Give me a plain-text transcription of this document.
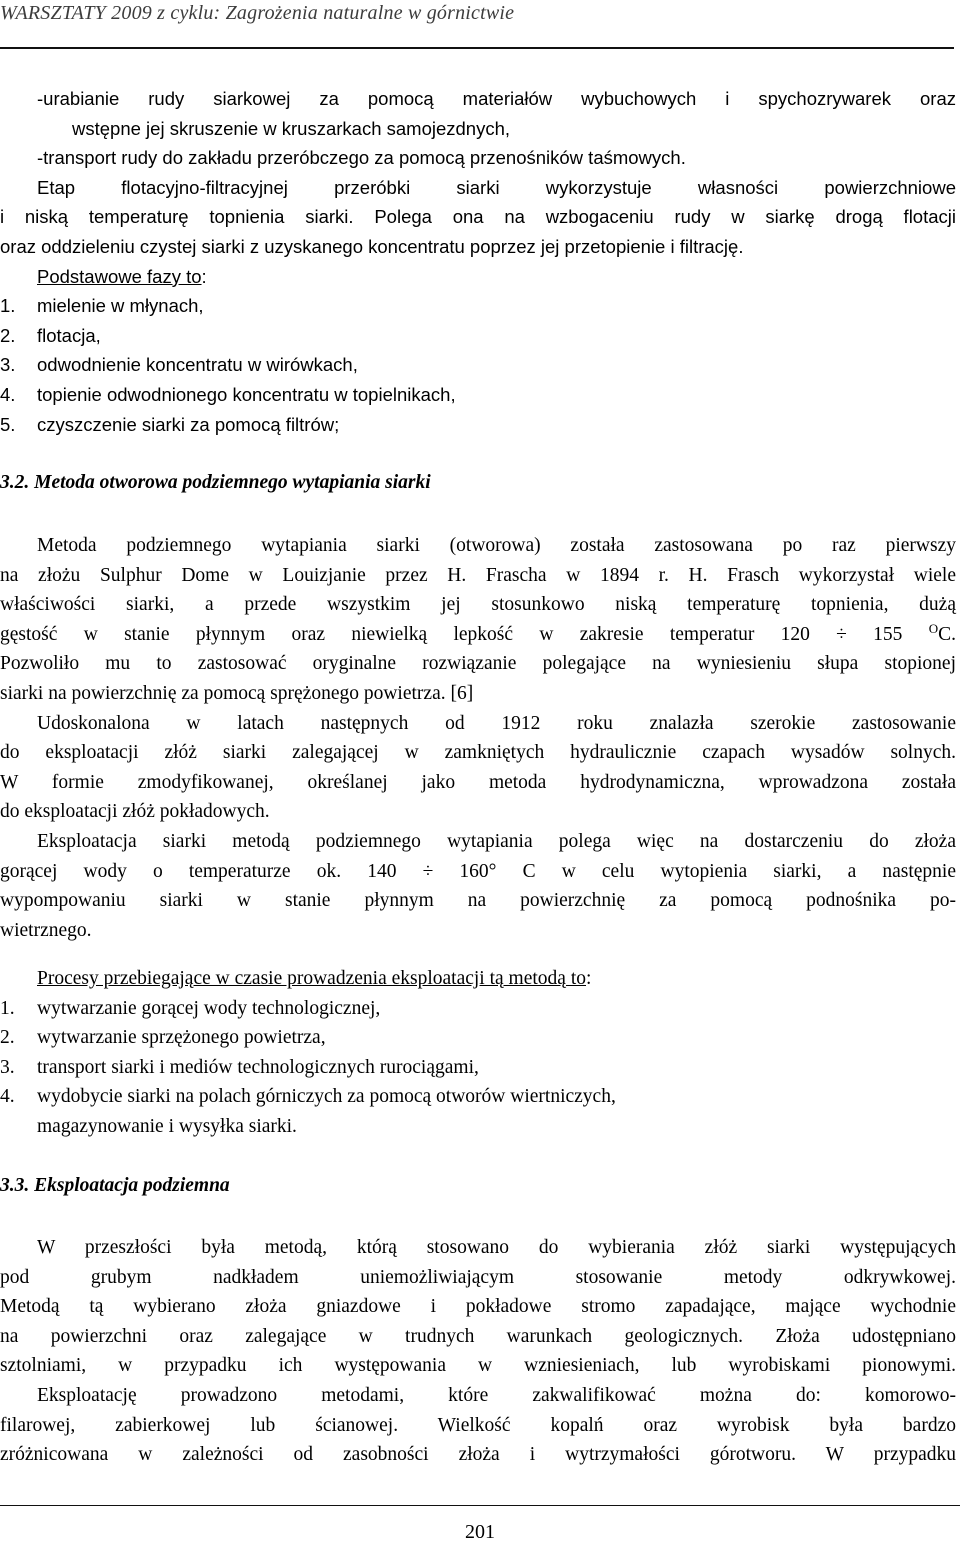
WARSZTATY 2009 z cyklu: Zagrożenia naturalne w górnictwie
-urabianie rudy siarkowej za pomocą materiałów wybuchowych i spychozrywarek oraz
wstępne jej skruszenie w kruszarkach samojezdnych,
-transport rudy do zakładu przeróbczego za pomocą przenośników taśmowych.
Etap flotacyjno-filtracyjnej przeróbki siarki wykorzystuje własności powierzchniowe
i niską temperaturę topnienia siarki. Polega ona na wzbogaceniu rudy w siarkę drogą flotacji
oraz oddzieleniu czystej siarki z uzyskanego koncentratu poprzez jej przetopienie i filtrację.
Podstawowe fazy to:
1. mielenie w młynach,
2. flotacja,
3. odwodnienie koncentratu w wirówkach,
4. topienie odwodnionego koncentratu w topielnikach,
5. czyszczenie siarki za pomocą filtrów;
3.2. Metoda otworowa podziemnego wytapiania siarki
Metoda podziemnego wytapiania siarki (otworowa) została zastosowana po raz pierwszy
na złożu Sulphur Dome w Louizjanie przez H. Frascha w 1894 r. H. Frasch wykorzystał wiele
właściwości siarki, a przede wszystkim jej stosunkowo niską temperaturę topnienia, dużą
gęstość w stanie płynnym oraz niewielką lepkość w zakresie temperatur 120 ÷ 155 $^O$C.
Pozwoliło mu to zastosować oryginalne rozwiązanie polegające na wyniesieniu słupa stopionej
siarki na powierzchnię za pomocą sprężonego powietrza. [6]
Udoskonalona w latach następnych od 1912 roku znalazła szerokie zastosowanie
do eksploatacji złóż siarki zalegającej w zamkniętych hydraulicznie czapach wysadów solnych.
W formie zmodyfikowanej, określanej jako metoda hydrodynamiczna, wprowadzona została
do eksploatacji złóż pokładowych.
Eksploatacja siarki metodą podziemnego wytapiania polega więc na dostarczeniu do złoża
gorącej wody o temperaturze ok. 140 ÷ 160° C w celu wytopienia siarki, a następnie
wypompowaniu siarki w stanie płynnym na powierzchnię za pomocą podnośnika po-
wietrznego.
Procesy przebiegające w czasie prowadzenia eksploatacji tą metodą to:
1. wytwarzanie gorącej wody technologicznej,
2. wytwarzanie sprzężonego powietrza,
3. transport siarki i mediów technologicznych rurociągami,
4. wydobycie siarki na polach górniczych za pomocą otworów wiertniczych,
magazynowanie i wysyłka siarki.
3.3. Eksploatacja podziemna
W przeszłości była metodą, którą stosowano do wybierania złóż siarki występujących
pod grubym nadkładem uniemożliwiającym stosowanie metody odkrywkowej.
Metodą tą wybierano złoża gniazdowe i pokładowe stromo zapadające, mające wychodnie
na powierzchni oraz zalegające w trudnych warunkach geologicznych. Złoża udostępniano
sztolniami, w przypadku ich występowania w wzniesieniach, lub wyrobiskami pionowymi.
Eksploatację prowadzono metodami, które zakwalifikować można do: komorowo-
filarowej, zabierkowej lub ścianowej. Wielkość kopalń oraz wyrobisk była bardzo
zróżnicowana w zależności od zasobności złoża i wytrzymałości górotworu. W przypadku
201
